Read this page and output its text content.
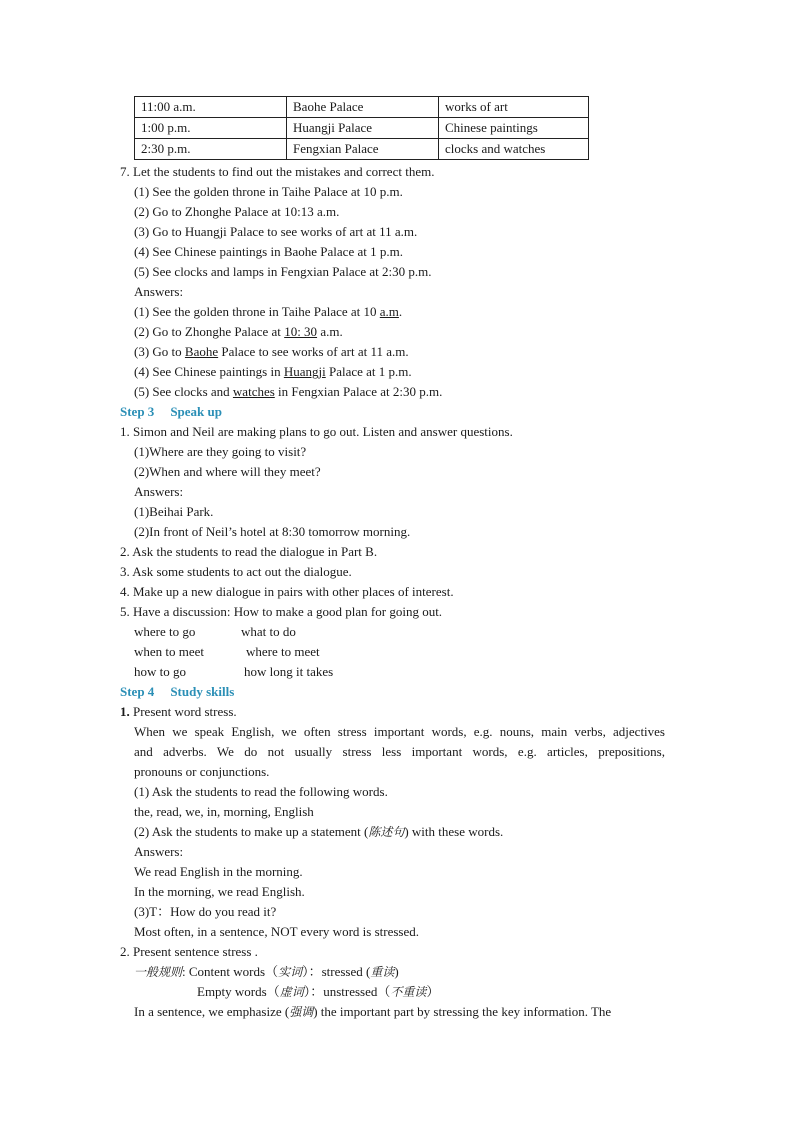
11:00 a.m.	Baohe Palace	works of art
1:00 p.m.	Huangji Palace	Chinese paintings
2:30 p.m.	Fengxian Palace	clocks and watches
7. Let the students to find out the mistakes and correct them.
(1) See the golden throne in Taihe Palace at 10 p.m.
(2) Go to Zhonghe Palace at 10:13 a.m.
(3) Go to Huangji Palace to see works of art at 11 a.m.
(4) See Chinese paintings in Baohe Palace at 1 p.m.
(5) See clocks and lamps in Fengxian Palace at 2:30 p.m.
Answers:
(1) See the golden throne in Taihe Palace at 10 a.m.
(2) Go to Zhonghe Palace at 10: 30 a.m.
(3) Go to Baohe Palace to see works of art at 11 a.m.
(4) See Chinese paintings in Huangji Palace at 1 p.m.
(5) See clocks and watches in Fengxian Palace at 2:30 p.m.
Step 3 Speak up
1. Simon and Neil are making plans to go out. Listen and answer questions.
(1)Where are they going to visit?
(2)When and where will they meet?
Answers:
(1)Beihai Park.
(2)In front of Neil’s hotel at 8:30 tomorrow morning.
2. Ask the students to read the dialogue in Part B.
3. Ask some students to act out the dialogue.
4. Make up a new dialogue in pairs with other places of interest.
5. Have a discussion: How to make a good plan for going out.
where to go	what to do
when to meet	where to meet
how to go	how long it takes
Step 4 Study skills
1. Present word stress.
When we speak English, we often stress important words, e.g. nouns, main verbs, adjectives
and adverbs. We do not usually stress less important words, e.g. articles, prepositions,
pronouns or conjunctions.
(1) Ask the students to read the following words.
the, read, we, in, morning, English
(2) Ask the students to make up a statement (陈述句) with these words.
Answers:
We read English in the morning.
In the morning, we read English.
(3)T：How do you read it?
Most often, in a sentence, NOT every word is stressed.
2. Present sentence stress .
一般规则: Content words（实词）：stressed (重读)
Empty words（虚词）：unstressed（不重读）
In a sentence, we emphasize (强调) the important part by stressing the key information. The
